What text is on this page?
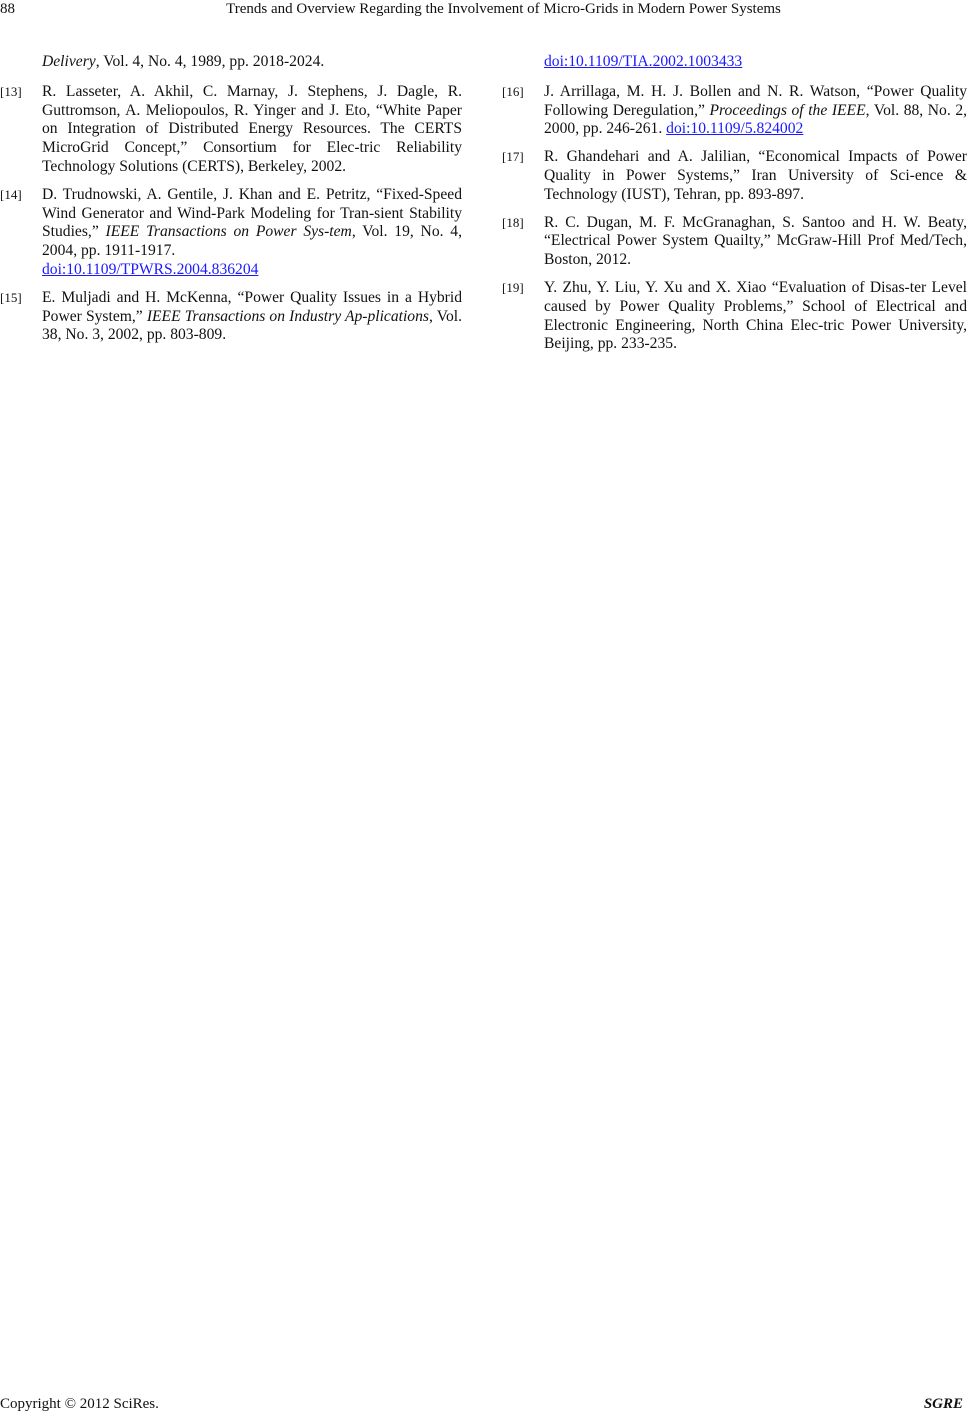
88	Trends and Overview Regarding the Involvement of Micro-Grids in Modern Power Systems
Delivery, Vol. 4, No. 4, 1989, pp. 2018-2024.
[13] R. Lasseter, A. Akhil, C. Marnay, J. Stephens, J. Dagle, R. Guttromson, A. Meliopoulos, R. Yinger and J. Eto, “White Paper on Integration of Distributed Energy Resources. The CERTS MicroGrid Concept,” Consortium for Elec-tric Reliability Technology Solutions (CERTS), Berkeley, 2002.
[14] D. Trudnowski, A. Gentile, J. Khan and E. Petritz, “Fixed-Speed Wind Generator and Wind-Park Modeling for Tran-sient Stability Studies,” IEEE Transactions on Power Sys-tem, Vol. 19, No. 4, 2004, pp. 1911-1917.
doi:10.1109/TPWRS.2004.836204
[15] E. Muljadi and H. McKenna, “Power Quality Issues in a Hybrid Power System,” IEEE Transactions on Industry Ap-plications, Vol. 38, No. 3, 2002, pp. 803-809.
doi:10.1109/TIA.2002.1003433
[16] J. Arrillaga, M. H. J. Bollen and N. R. Watson, “Power Quality Following Deregulation,” Proceedings of the IEEE, Vol. 88, No. 2, 2000, pp. 246-261. doi:10.1109/5.824002
[17] R. Ghandehari and A. Jalilian, “Economical Impacts of Power Quality in Power Systems,” Iran University of Sci-ence & Technology (IUST), Tehran, pp. 893-897.
[18] R. C. Dugan, M. F. McGranaghan, S. Santoo and H. W. Beaty, “Electrical Power System Quailty,” McGraw-Hill Prof Med/Tech, Boston, 2012.
[19] Y. Zhu, Y. Liu, Y. Xu and X. Xiao “Evaluation of Disas-ter Level caused by Power Quality Problems,” School of Electrical and Electronic Engineering, North China Elec-tric Power University, Beijing, pp. 233-235.
Copyright © 2012 SciRes.	SGRE
